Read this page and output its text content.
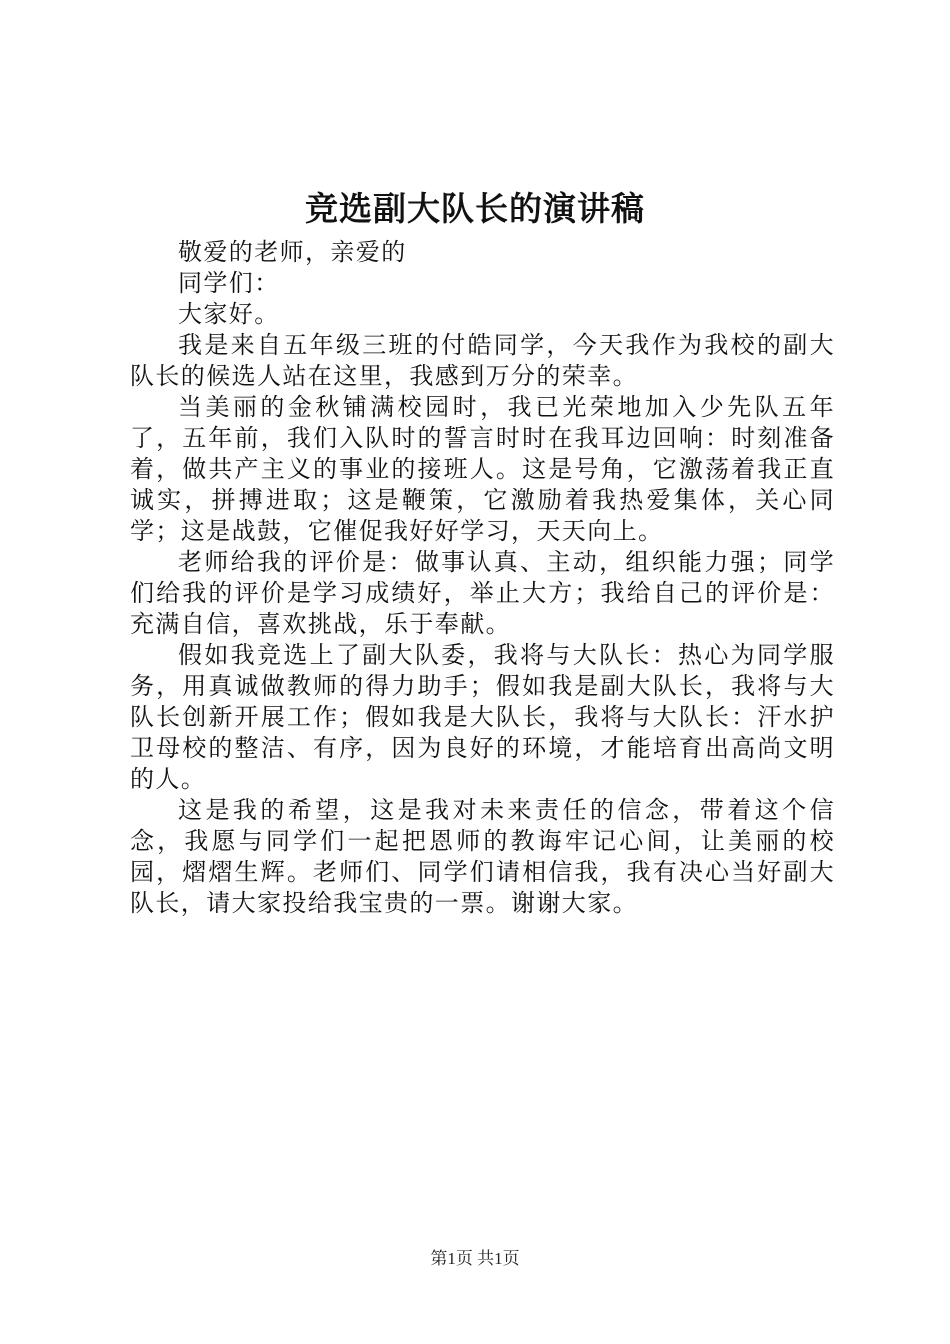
竞选副大队长的演讲稿

敬爱的老师，亲爱的

同学们：

大家好。

我是来自五年级三班的付皓同学，今天我作为我校的副大队长的候选人站在这里，我感到万分的荣幸。

当美丽的金秋铺满校园时，我已光荣地加入少先队五年了，五年前，我们入队时的誓言时时在我耳边回响：时刻准备着，做共产主义的事业的接班人。这是号角，它激荡着我正直诚实，拼搏进取；这是鞭策，它激励着我热爱集体，关心同学；这是战鼓，它催促我好好学习，天天向上。

老师给我的评价是：做事认真、主动，组织能力强；同学们给我的评价是学习成绩好，举止大方；我给自己的评价是：充满自信，喜欢挑战，乐于奉献。

假如我竞选上了副大队委，我将与大队长：热心为同学服务，用真诚做教师的得力助手；假如我是副大队长，我将与大队长创新开展工作；假如我是大队长，我将与大队长：汗水护卫母校的整洁、有序，因为良好的环境，才能培育出高尚文明的人。

这是我的希望，这是我对未来责任的信念，带着这个信念，我愿与同学们一起把恩师的教诲牢记心间，让美丽的校园，熠熠生辉。老师们、同学们请相信我，我有决心当好副大队长，请大家投给我宝贵的一票。谢谢大家。

第1页 共1页
